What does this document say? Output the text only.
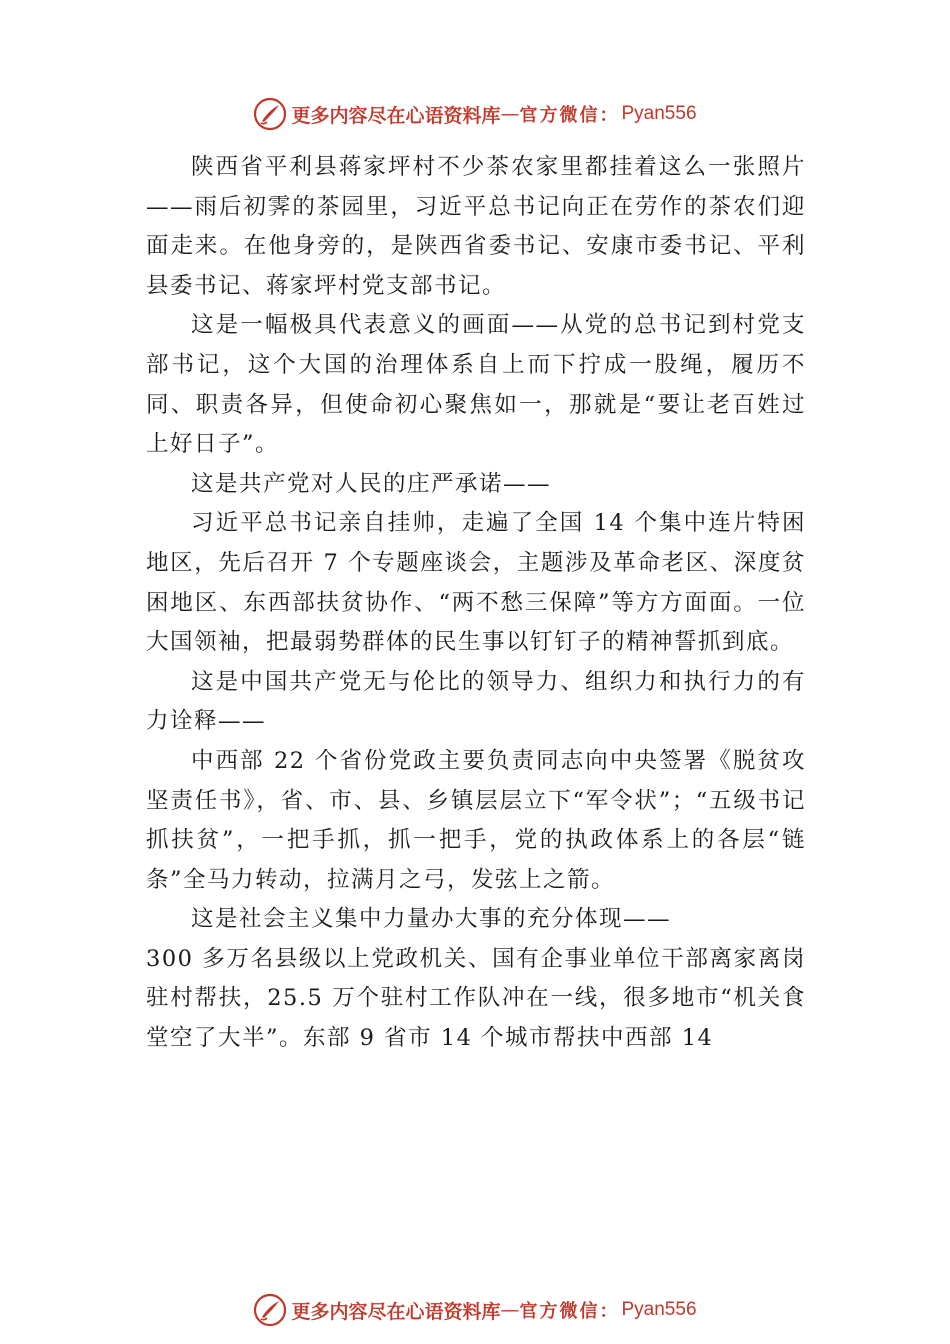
更多内容尽在心语资料库 — 官方微信： Pyan556

陕西省平利县蒋家坪村不少茶农家里都挂着这么一张照片——雨后初霁的茶园里，习近平总书记向正在劳作的茶农们迎面走来。在他身旁的，是陕西省委书记、安康市委书记、平利县委书记、蒋家坪村党支部书记。

这是一幅极具代表意义的画面——从党的总书记到村党支部书记，这个大国的治理体系自上而下拧成一股绳，履历不同、职责各异，但使命初心聚焦如一，那就是“要让老百姓过上好日子”。

这是共产党对人民的庄严承诺——

习近平总书记亲自挂帅，走遍了全国 14 个集中连片特困地区，先后召开 7 个专题座谈会，主题涉及革命老区、深度贫困地区、东西部扶贫协作、“两不愁三保障”等方方面面。一位大国领袖，把最弱势群体的民生事以钉钉子的精神誓抓到底。

这是中国共产党无与伦比的领导力、组织力和执行力的有力诠释——

中西部 22 个省份党政主要负责同志向中央签署《脱贫攻坚责任书》，省、市、县、乡镇层层立下“军令状”；“五级书记抓扶贫”，一把手抓，抓一把手，党的执政体系上的各层“链条”全马力转动，拉满月之弓，发弦上之箭。

这是社会主义集中力量办大事的充分体现——

300 多万名县级以上党政机关、国有企事业单位干部离家离岗驻村帮扶，25.5 万个驻村工作队冲在一线，很多地市“机关食堂空了大半”。东部 9 省市 14 个城市帮扶中西部 14

更多内容尽在心语资料库 — 官方微信： Pyan556
